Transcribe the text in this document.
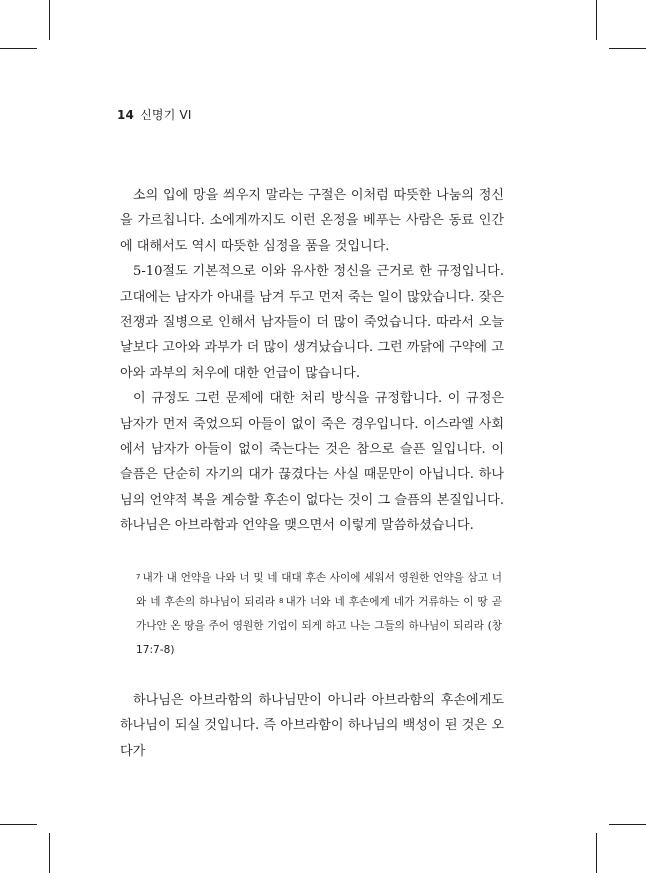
14 신명기 VI

소의 입에 망을 씌우지 말라는 구절은 이처럼 따뜻한 나눔의 정신을 가르칩니다. 소에게까지도 이런 온정을 베푸는 사람은 동료 인간에 대해서도 역시 따뜻한 심정을 품을 것입니다.

5-10절도 기본적으로 이와 유사한 정신을 근거로 한 규정입니다. 고대에는 남자가 아내를 남겨 두고 먼저 죽는 일이 많았습니다. 잦은 전쟁과 질병으로 인해서 남자들이 더 많이 죽었습니다. 따라서 오늘날보다 고아와 과부가 더 많이 생겨났습니다. 그런 까닭에 구약에 고아와 과부의 처우에 대한 언급이 많습니다.

이 규정도 그런 문제에 대한 처리 방식을 규정합니다. 이 규정은 남자가 먼저 죽었으되 아들이 없이 죽은 경우입니다. 이스라엘 사회에서 남자가 아들이 없이 죽는다는 것은 참으로 슬픈 일입니다. 이 슬픔은 단순히 자기의 대가 끊겼다는 사실 때문만이 아닙니다. 하나님의 언약적 복을 계승할 후손이 없다는 것이 그 슬픔의 본질입니다. 하나님은 아브라함과 언약을 맺으면서 이렇게 말씀하셨습니다.

$^7$ 내가 내 언약을 나와 너 및 네 대대 후손 사이에 세워서 영원한 언약을 삼고 너와 네 후손의 하나님이 되리라 $^8$ 내가 너와 네 후손에게 네가 거류하는 이 땅 곧 가나안 온 땅을 주어 영원한 기업이 되게 하고 나는 그들의 하나님이 되리라 (창 17:7-8)

하나님은 아브라함의 하나님만이 아니라 아브라함의 후손에게도 하나님이 되실 것입니다. 즉 아브라함이 하나님의 백성이 된 것은 오다가
